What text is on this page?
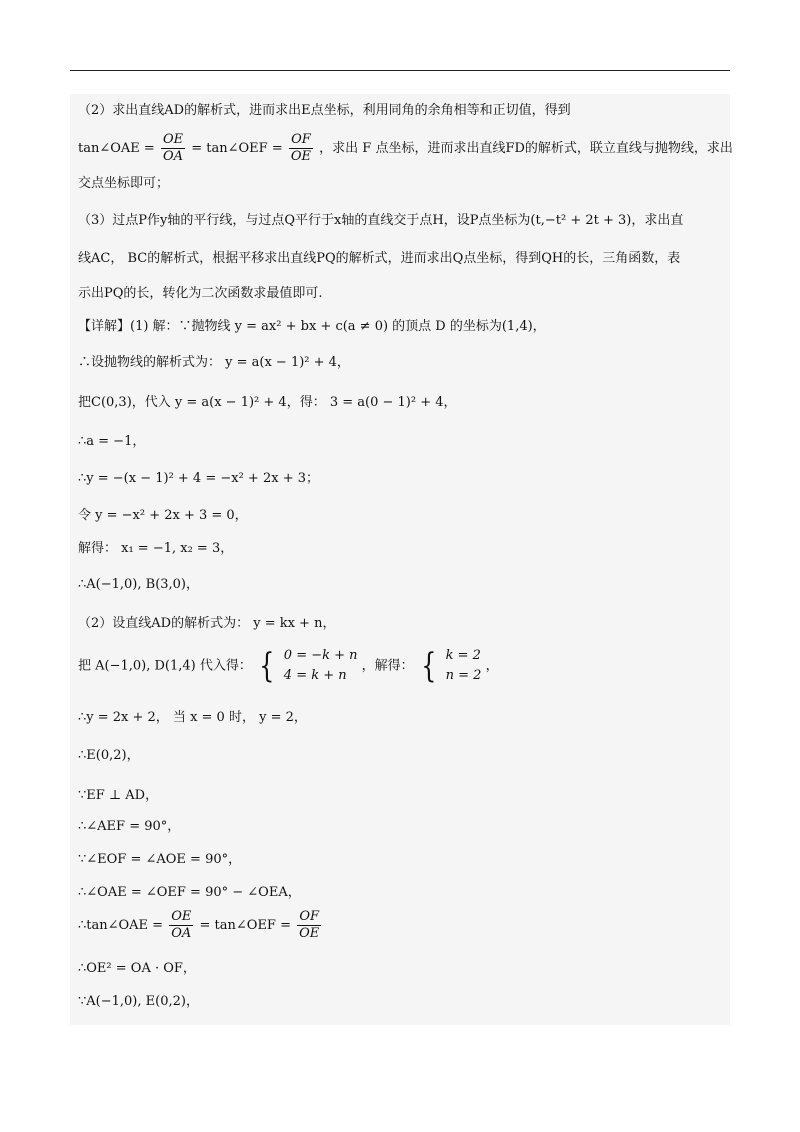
（2）求出直线AD的解析式，进而求出E点坐标，利用同角的余角相等和正切值，得到
tan∠OAE = $\frac{OE}{OA}$ = tan∠OEF = $\frac{OF}{OE}$ ，求出 F 点坐标，进而求出直线FD的解析式，联立直线与抛物线，求出
交点坐标即可；
（3）过点P作y轴的平行线，与过点Q平行于x轴的直线交于点H，设P点坐标为(t,−t² + 2t + 3)，求出直
线AC， BC的解析式，根据平移求出直线PQ的解析式，进而求出Q点坐标，得到QH的长，三角函数，表
示出PQ的长，转化为二次函数求最值即可.
【详解】(1) 解：∵抛物线 y = ax² + bx + c(a ≠ 0) 的顶点 D 的坐标为(1,4)，
∴设抛物线的解析式为： y = a(x − 1)² + 4，
把C(0,3)，代入 y = a(x − 1)² + 4，得： 3 = a(0 − 1)² + 4，
∴a = −1，
∴y = −(x − 1)² + 4 = −x² + 2x + 3；
令 y = −x² + 2x + 3 = 0，
解得： x₁ = −1, x₂ = 3，
∴A(−1,0), B(3,0)，
（2）设直线AD的解析式为： y = kx + n，
把 A(−1,0), D(1,4) 代入得： { 0 = −k + n
4 = k + n
，解得： { k = 2
n = 2
，
∴y = 2x + 2， 当 x = 0 时， y = 2，
∴E(0,2)，
∵EF ⊥ AD，
∴∠AEF = 90°，
∵∠EOF = ∠AOE = 90°，
∴∠OAE = ∠OEF = 90° − ∠OEA，
∴tan∠OAE = $\frac{OE}{OA}$ = tan∠OEF = $\frac{OF}{OE}$
∴OE² = OA · OF，
∵A(−1,0), E(0,2)，
